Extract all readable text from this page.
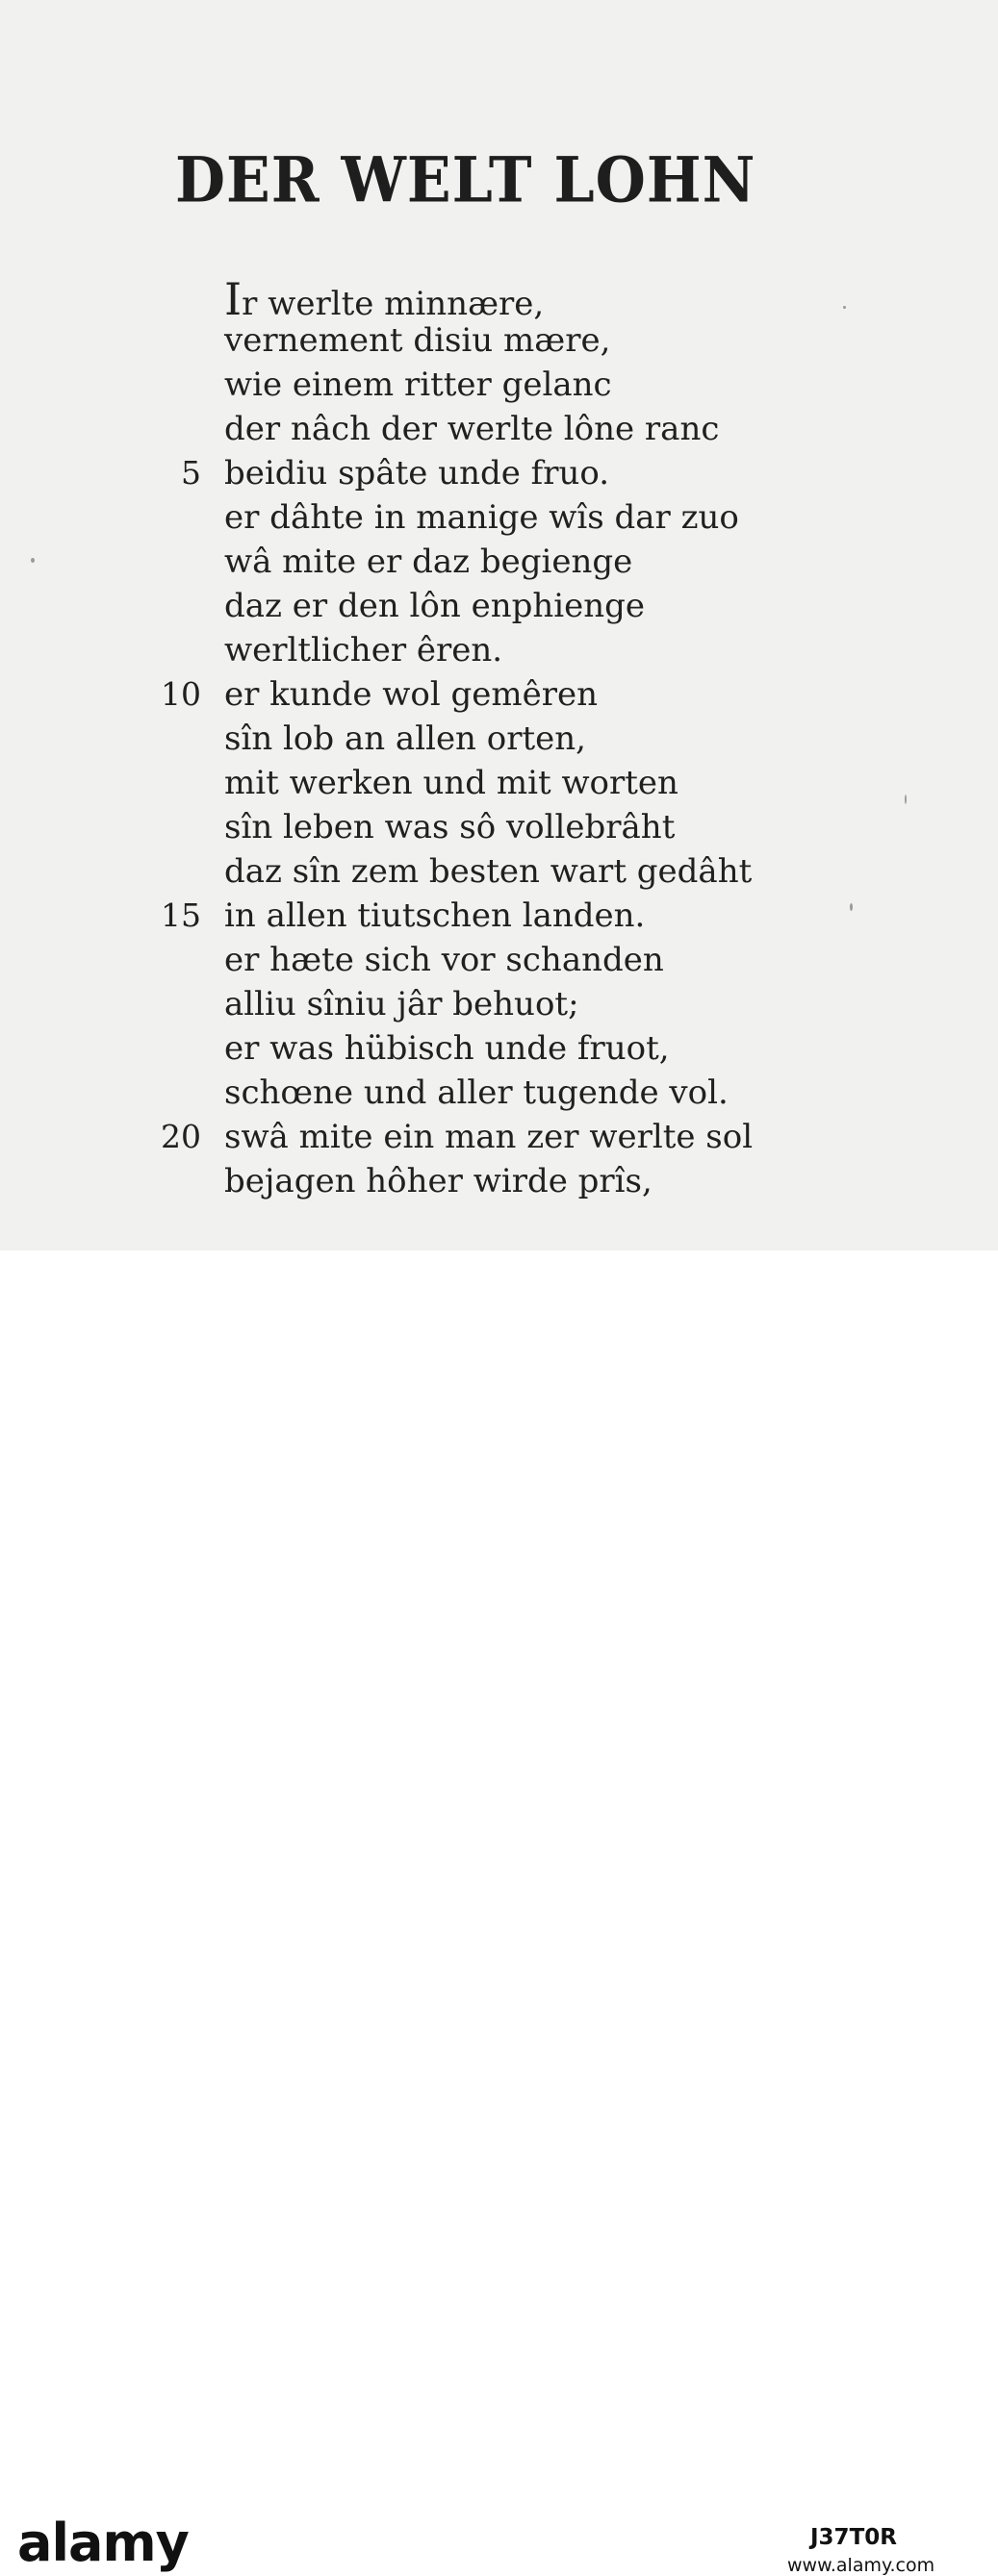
DER WELT LOHN
Ir werlte minnære,
vernement disiu mære,
wie einem ritter gelanc
der nâch der werlte lône ranc
5 beidiu spâte unde fruo.
er dâhte in manige wîs dar zuo
wâ mite er daz begienge
daz er den lôn enphienge
werltlicher êren.
10 er kunde wol gemêren
sîn lob an allen orten,
mit werken und mit worten
sîn leben was sô vollebrâht
daz sîn zem besten wart gedâht
15 in allen tiutschen landen.
er hæte sich vor schanden
alliu sîniu jâr behuot;
er was hübisch unde fruot,
schœne und aller tugende vol.
20 swâ mite ein man zer werlte sol
bejagen hôher wirde prîs,
alamy	J37T0R
www.alamy.com
